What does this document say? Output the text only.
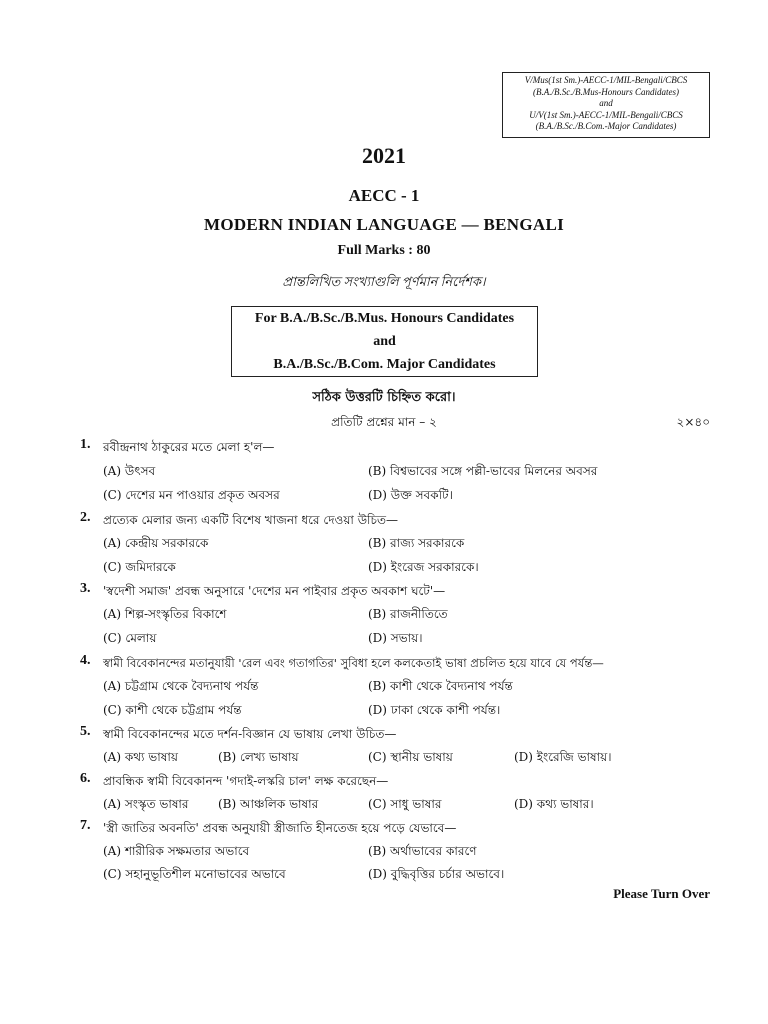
V/Mus(1st Sm.)-AECC-1/MIL-Bengali/CBCS
(B.A./B.Sc./B.Mus-Honours Candidates)
and
U/V(1st Sm.)-AECC-1/MIL-Bengali/CBCS
(B.A./B.Sc./B.Com.-Major Candidates)
2021
AECC - 1
MODERN INDIAN LANGUAGE — BENGALI
Full Marks : 80
প্রান্তলিখিত সংখ্যাগুলি পূর্ণমান নির্দেশক।
For B.A./B.Sc./B.Mus. Honours Candidates
and
B.A./B.Sc./B.Com. Major Candidates
সঠিক উত্তরটি চিহ্নিত করো।
প্রতিটি প্রশ্নের মান – ২	২×৪০
1. রবীন্দ্রনাথ ঠাকুরের মতে মেলা হ'ল—
(A) উৎসব	(B) বিশ্বভাবের সঙ্গে পল্লী-ভাবের মিলনের অবসর
(C) দেশের মন পাওয়ার প্রকৃত অবসর	(D) উক্ত সবকটি।
2. প্রত্যেক মেলার জন্য একটি বিশেষ খাজনা ধরে দেওয়া উচিত—
(A) কেন্দ্রীয় সরকারকে	(B) রাজ্য সরকারকে
(C) জমিদারকে	(D) ইংরেজ সরকারকে।
3. 'স্বদেশী সমাজ' প্রবন্ধ অনুসারে 'দেশের মন পাইবার প্রকৃত অবকাশ ঘটে'—
(A) শিল্প-সংস্কৃতির বিকাশে	(B) রাজনীতিতে
(C) মেলায়	(D) সভায়।
4. স্বামী বিবেকানন্দের মতানুযায়ী 'রেল এবং গতাগতির' সুবিধা হলে কলকেতাই ভাষা প্রচলিত হয়ে যাবে যে পর্যন্ত—
(A) চট্টগ্রাম থেকে বৈদ্যনাথ পর্যন্ত	(B) কাশী থেকে বৈদ্যনাথ পর্যন্ত
(C) কাশী থেকে চট্টগ্রাম পর্যন্ত	(D) ঢাকা থেকে কাশী পর্যন্ত।
5. স্বামী বিবেকানন্দের মতে দর্শন-বিজ্ঞান যে ভাষায় লেখা উচিত—
(A) কথ্য ভাষায়	(B) লেখ্য ভাষায়	(C) স্থানীয় ভাষায়	(D) ইংরেজি ভাষায়।
6. প্রাবন্ধিক স্বামী বিবেকানন্দ 'গদাই-লস্করি চাল' লক্ষ করেছেন—
(A) সংস্কৃত ভাষার (B) আঞ্চলিক ভাষার	(C) সাধু ভাষার	(D) কথ্য ভাষার।
7. 'স্ত্রী জাতির অবনতি' প্রবন্ধ অনুযায়ী স্ত্রীজাতি হীনতেজ হয়ে পড়ে যেভাবে—
(A) শারীরিক সক্ষমতার অভাবে	(B) অর্থাভাবের কারণে
(C) সহানুভূতিশীল মনোভাবের অভাবে	(D) বুদ্ধিবৃত্তির চর্চার অভাবে।
Please Turn Over
